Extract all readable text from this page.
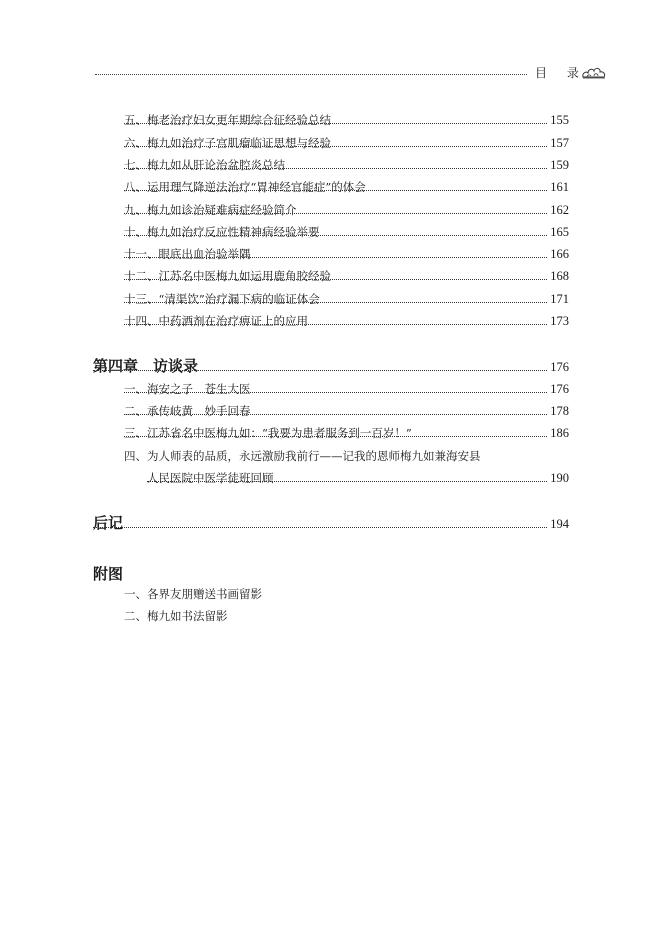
目 录
五、梅老治疗妇女更年期综合征经验总结	155
六、梅九如治疗子宫肌瘤临证思想与经验	157
七、梅九如从肝论治盆腔炎总结	159
八、运用理气降逆法治疗“胃神经官能症”的体会	161
九、梅九如诊治疑难病症经验简介	162
十、梅九如治疗反应性精神病经验举要	165
十一、眼底出血治验举隅	166
十二、江苏名中医梅九如运用鹿角胶经验	168
十三、“清渠饮”治疗漏下病的临证体会	171
十四、中药酒剂在治疗痹证上的应用	173
第四章　访谈录	176
一、海安之子　苍生大医	176
二、承传岐黄　妙手回春	178
三、江苏省名中医梅九如：“我要为患者服务到一百岁！”	186
四、为人师表的品质，永远激励我前行——记我的恩师梅九如兼海安县
人民医院中医学徒班回顾	190
后记	194
附图
一、各界友朋赠送书画留影
二、梅九如书法留影
